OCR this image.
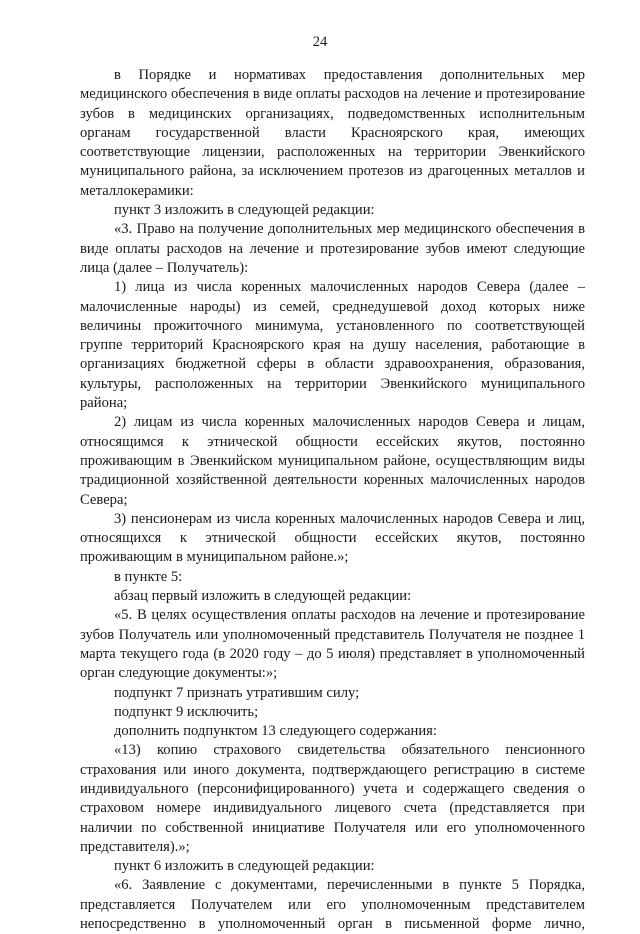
24

в Порядке и нормативах предоставления дополнительных мер медицинского обеспечения в виде оплаты расходов на лечение и протезирование зубов в медицинских организациях, подведомственных исполнительным органам государственной власти Красноярского края, имеющих соответствующие лицензии, расположенных на территории Эвенкийского муниципального района, за исключением протезов из драгоценных металлов и металлокерамики:

пункт 3 изложить в следующей редакции:

«3. Право на получение дополнительных мер медицинского обеспечения в виде оплаты расходов на лечение и протезирование зубов имеют следующие лица (далее – Получатель):

1) лица из числа коренных малочисленных народов Севера (далее – малочисленные народы) из семей, среднедушевой доход которых ниже величины прожиточного минимума, установленного по соответствующей группе территорий Красноярского края на душу населения, работающие в организациях бюджетной сферы в области здравоохранения, образования, культуры, расположенных на территории Эвенкийского муниципального района;

2) лицам из числа коренных малочисленных народов Севера и лицам, относящимся к этнической общности ессейских якутов, постоянно проживающим в Эвенкийском муниципальном районе, осуществляющим виды традиционной хозяйственной деятельности коренных малочисленных народов Севера;

3) пенсионерам из числа коренных малочисленных народов Севера и лиц, относящихся к этнической общности ессейских якутов, постоянно проживающим в муниципальном районе.»;

в пункте 5:

абзац первый изложить в следующей редакции:

«5. В целях осуществления оплаты расходов на лечение и протезирование зубов Получатель или уполномоченный представитель Получателя не позднее 1 марта текущего года (в 2020 году – до 5 июля) представляет в уполномоченный орган следующие документы:»;

подпункт 7 признать утратившим силу;

подпункт 9 исключить;

дополнить подпунктом 13 следующего содержания:

«13) копию страхового свидетельства обязательного пенсионного страхования или иного документа, подтверждающего регистрацию в системе индивидуального (персонифицированного) учета и содержащего сведения о страховом номере индивидуального лицевого счета (представляется при наличии по собственной инициативе Получателя или его уполномоченного представителя).»;

пункт 6 изложить в следующей редакции:

«6. Заявление с документами, перечисленными в пункте 5 Порядка, представляется Получателем или его уполномоченным представителем непосредственно в уполномоченный орган в письменной форме лично,
